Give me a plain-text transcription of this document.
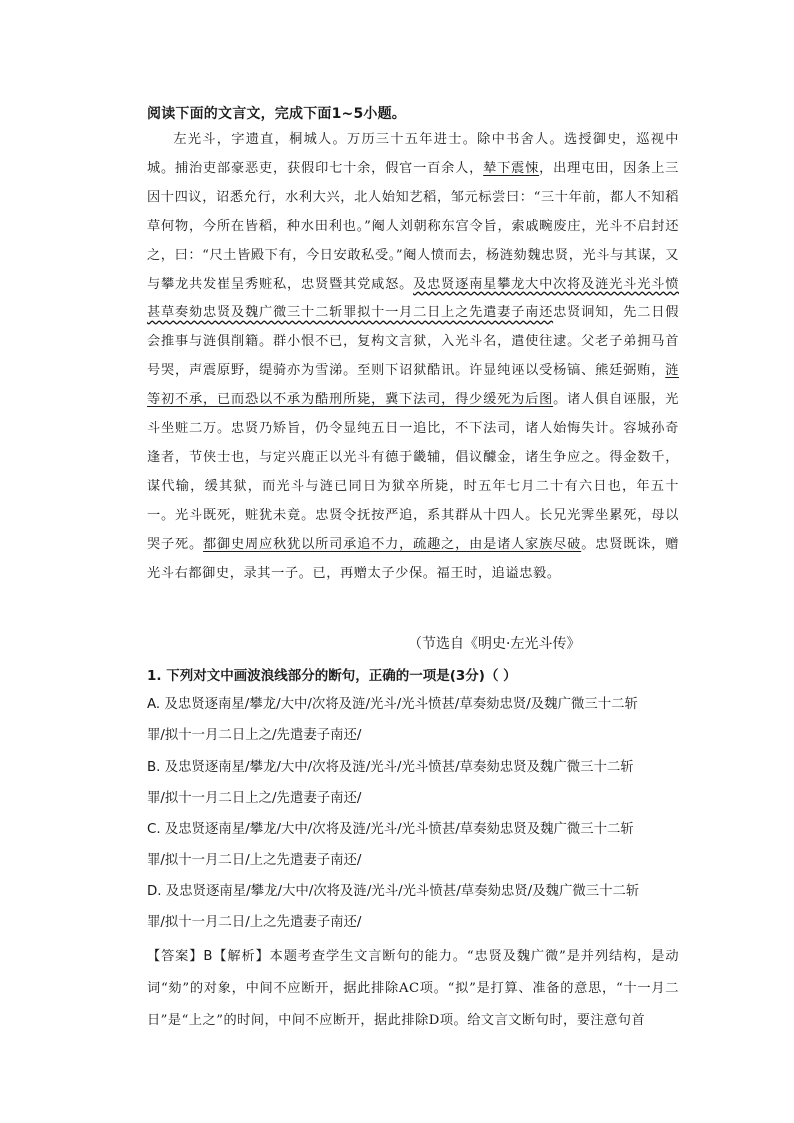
阅读下面的文言文，完成下面1~5小题。
左光斗，字遗直，桐城人。万历三十五年进士。除中书舍人。选授御史，巡视中城。捕治吏部豪恶吏，获假印七十余，假官一百余人，辇下震悚，出理屯田，因条上三因十四议，诏悉允行，水利大兴，北人始知艺稻，邹元标尝曰：“三十年前，都人不知稻草何物，今所在皆稻，种水田利也。”阉人刘朝称东宫令旨，索戚畹废庄，光斗不启封还之，曰：“尺土皆殿下有，今日安敢私受。”阉人愤而去，杨涟劾魏忠贤，光斗与其谋，又与攀龙共发崔呈秀赃私，忠贤暨其党咸怒。及忠贤逐南星攀龙大中次将及涟光斗光斗愤甚草奏劾忠贤及魏广微三十二斩罪拟十一月二日上之先遣妻子南还忠贤诇知，先二日假会推事与涟俱削籍。群小恨不已，复构文言狱，入光斗名，遣使往逮。父老子弟拥马首号哭，声震原野，缇骑亦为雪涕。至则下诏狱酷讯。许显纯诬以受杨镐、熊廷弼贿，涟等初不承，已而恐以不承为酷刑所毙，冀下法司，得少缓死为后图。诸人俱自诬服，光斗坐赃二万。忠贤乃矫旨，仍令显纯五日一追比，不下法司，诸人始悔失计。容城孙奇逢者，节侠士也，与定兴鹿正以光斗有德于畿辅，倡议醵金，诸生争应之。得金数千，谋代输，缓其狱，而光斗与涟已同日为狱卒所毙，时五年七月二十有六日也，年五十一。光斗既死，赃犹未竟。忠贤令抚按严追，系其群从十四人。长兄光霁坐累死，母以哭子死。都御史周应秋犹以所司承追不力，疏趣之，由是诸人家族尽破。忠贤既诛，赠光斗右都御史，录其一子。已，再赠太子少保。福王时，追谥忠毅。
（节选自《明史·左光斗传》
1. 下列对文中画波浪线部分的断句，正确的一项是(3分)（ ）
A. 及忠贤逐南星/攀龙/大中/次将及涟/光斗/光斗愤甚/草奏劾忠贤/及魏广微三十二斩
罪/拟十一月二日上之/先遣妻子南还/
B. 及忠贤逐南星/攀龙/大中/次将及涟/光斗/光斗愤甚/草奏劾忠贤及魏广微三十二斩
罪/拟十一月二日上之/先遣妻子南还/
C. 及忠贤逐南星/攀龙/大中/次将及涟/光斗/光斗愤甚/草奏劾忠贤及魏广微三十二斩
罪/拟十一月二日/上之先遣妻子南还/
D. 及忠贤逐南星/攀龙/大中/次将及涟/光斗/光斗愤甚/草奏劾忠贤/及魏广微三十二斩
罪/拟十一月二日/上之先遣妻子南还/
【答案】B【解析】本题考查学生文言断句的能力。“忠贤及魏广微”是并列结构，是动词“劾”的对象，中间不应断开，据此排除AC项。“拟”是打算、准备的意思，“十一月二日”是“上之”的时间，中间不应断开，据此排除D项。给文言文断句时，要注意句首
